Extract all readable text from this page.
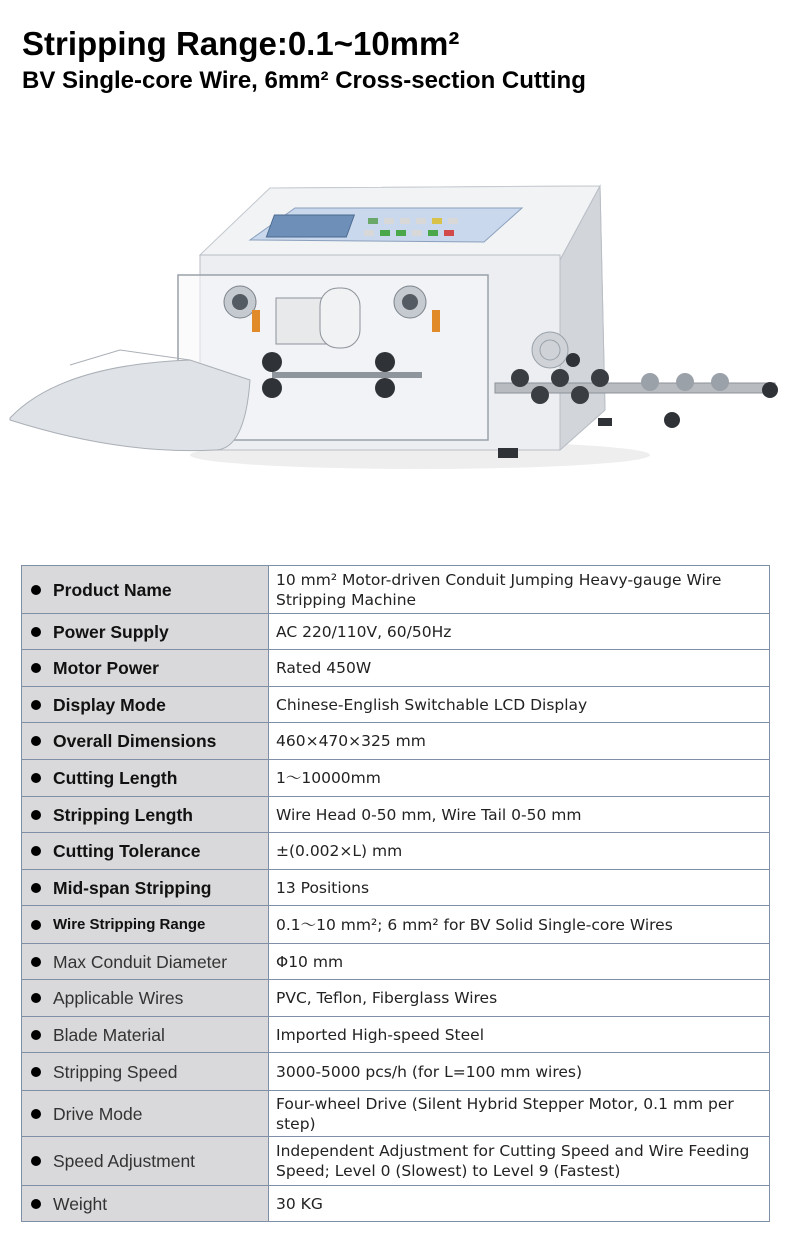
Stripping Range:0.1~10mm²
BV Single-core Wire, 6mm² Cross-section Cutting
Product Name	10 mm² Motor-driven Conduit Jumping Heavy-gauge Wire Stripping Machine

Power Supply	AC 220/110V, 60/50Hz

Motor Power	Rated 450W

Display Mode	Chinese-English Switchable LCD Display

Overall Dimensions	460×470×325 mm

Cutting Length	1～10000mm

Stripping Length	Wire Head 0-50 mm, Wire Tail 0-50 mm

Cutting Tolerance	±(0.002×L) mm

Mid-span Stripping	13 Positions

Wire Stripping Range	0.1～10 mm²; 6 mm² for BV Solid Single-core Wires

Max Conduit Diameter	Φ10 mm

Applicable Wires	PVC, Teflon, Fiberglass Wires

Blade Material	Imported High-speed Steel

Stripping Speed	3000-5000 pcs/h (for L=100 mm wires)

Drive Mode	Four-wheel Drive (Silent Hybrid Stepper Motor, 0.1 mm per step)

Speed Adjustment	Independent Adjustment for Cutting Speed and Wire Feeding Speed; Level 0 (Slowest) to Level 9 (Fastest)

Weight	30 KG
